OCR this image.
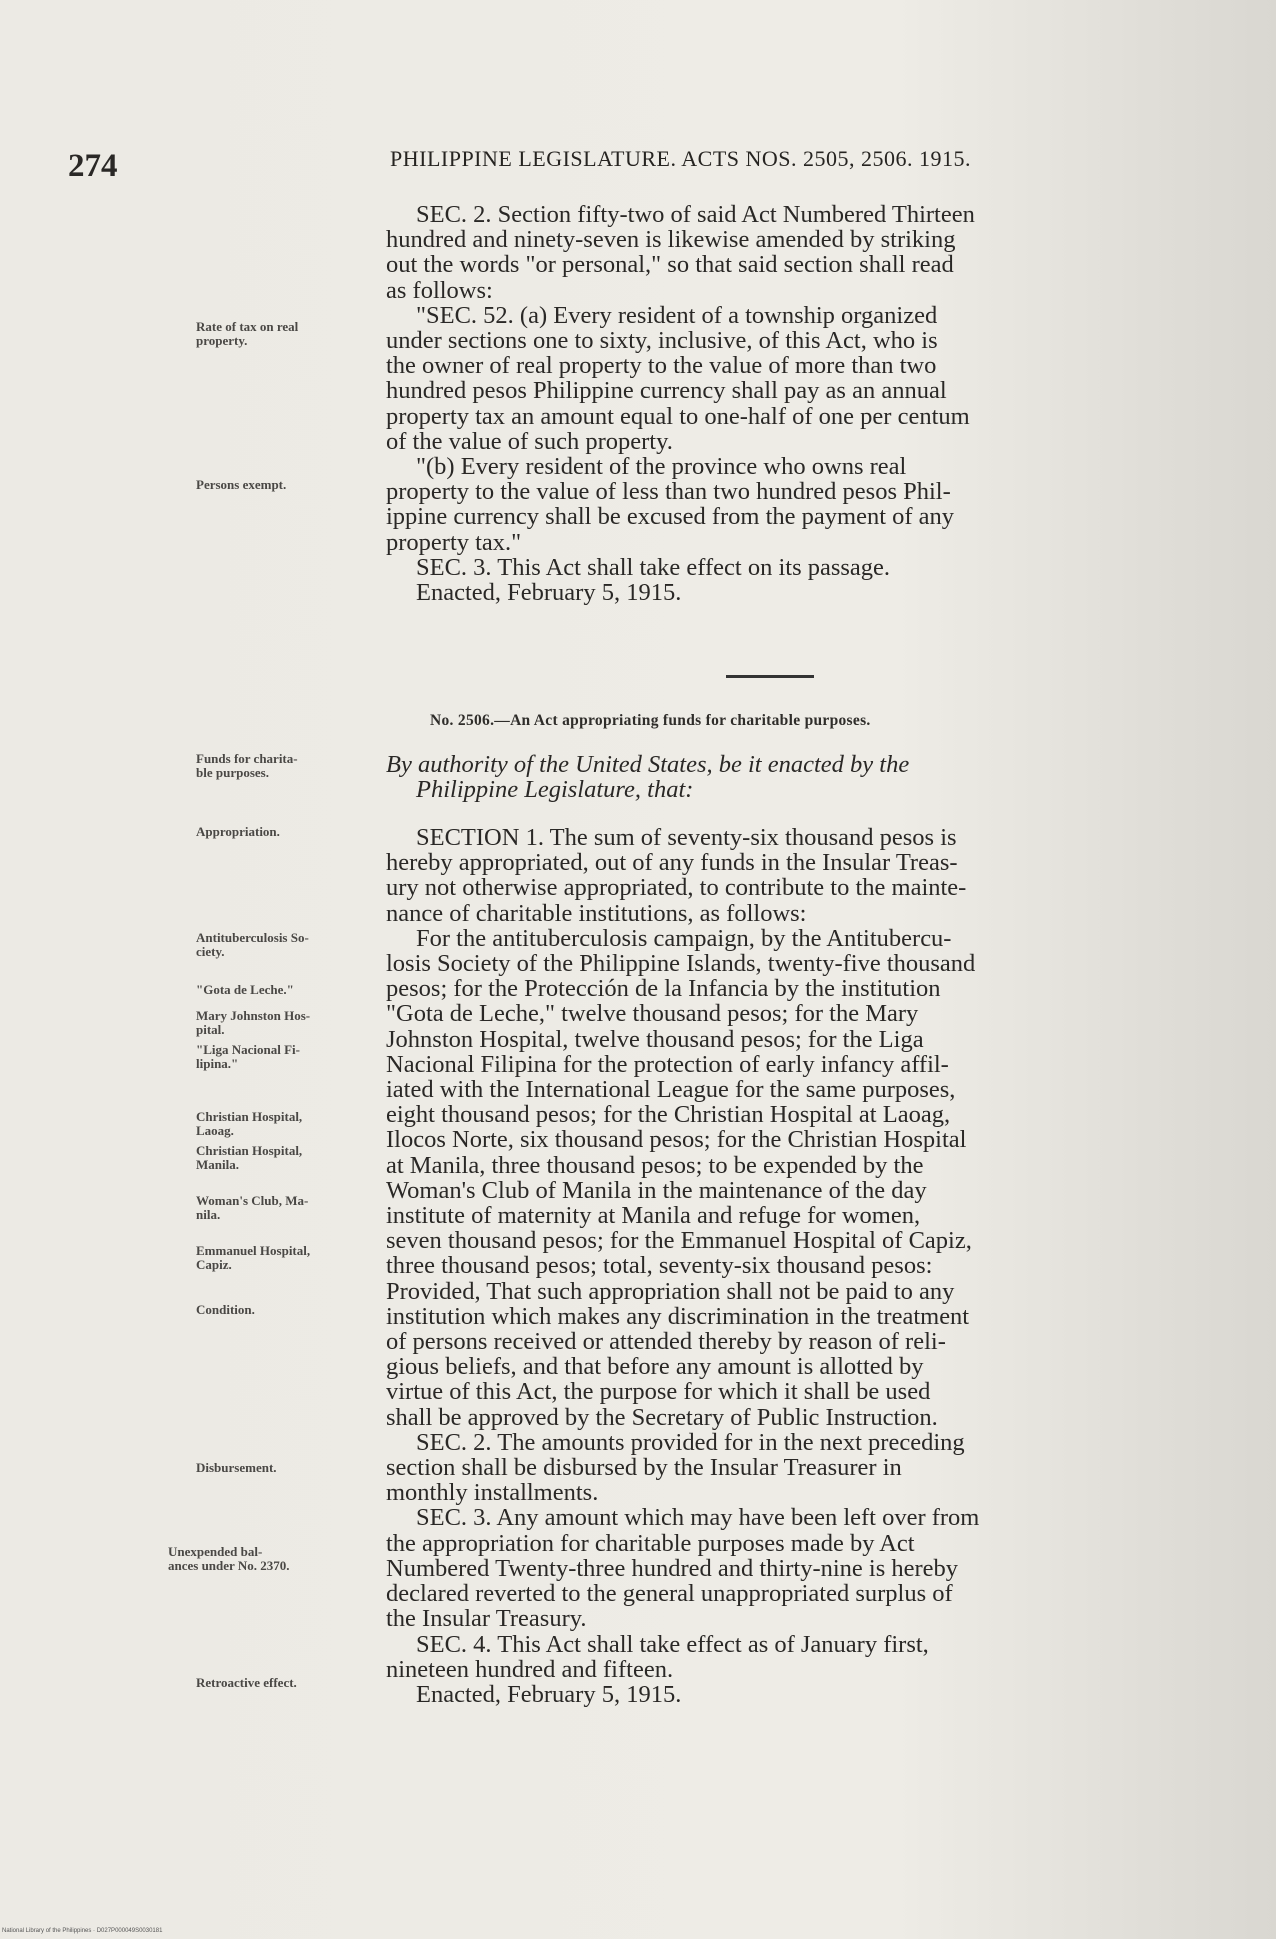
274	PHILIPPINE LEGISLATURE. ACTS NOS. 2505, 2506. 1915.
SEC. 2. Section fifty-two of said Act Numbered Thirteen
hundred and ninety-seven is likewise amended by striking
out the words "or personal," so that said section shall read
as follows:
"SEC. 52. (a) Every resident of a township organized
under sections one to sixty, inclusive, of this Act, who is
the owner of real property to the value of more than two
hundred pesos Philippine currency shall pay as an annual
property tax an amount equal to one-half of one per centum
of the value of such property.
"(b) Every resident of the province who owns real
property to the value of less than two hundred pesos Phil-
ippine currency shall be excused from the payment of any
property tax."
SEC. 3. This Act shall take effect on its passage.
Enacted, February 5, 1915.
No. 2506.—An Act appropriating funds for charitable purposes.
By authority of the United States, be it enacted by the
Philippine Legislature, that:
SECTION 1. The sum of seventy-six thousand pesos is
hereby appropriated, out of any funds in the Insular Treas-
ury not otherwise appropriated, to contribute to the mainte-
nance of charitable institutions, as follows:
For the antituberculosis campaign, by the Antitubercu-
losis Society of the Philippine Islands, twenty-five thousand
pesos; for the Protección de la Infancia by the institution
"Gota de Leche," twelve thousand pesos; for the Mary
Johnston Hospital, twelve thousand pesos; for the Liga
Nacional Filipina for the protection of early infancy affil-
iated with the International League for the same purposes,
eight thousand pesos; for the Christian Hospital at Laoag,
Ilocos Norte, six thousand pesos; for the Christian Hospital
at Manila, three thousand pesos; to be expended by the
Woman's Club of Manila in the maintenance of the day
institute of maternity at Manila and refuge for women,
seven thousand pesos; for the Emmanuel Hospital of Capiz,
three thousand pesos; total, seventy-six thousand pesos:
Provided, That such appropriation shall not be paid to any
institution which makes any discrimination in the treatment
of persons received or attended thereby by reason of reli-
gious beliefs, and that before any amount is allotted by
virtue of this Act, the purpose for which it shall be used
shall be approved by the Secretary of Public Instruction.
SEC. 2. The amounts provided for in the next preceding
section shall be disbursed by the Insular Treasurer in
monthly installments.
SEC. 3. Any amount which may have been left over from
the appropriation for charitable purposes made by Act
Numbered Twenty-three hundred and thirty-nine is hereby
declared reverted to the general unappropriated surplus of
the Insular Treasury.
SEC. 4. This Act shall take effect as of January first,
nineteen hundred and fifteen.
Enacted, February 5, 1915.
Rate of tax on real
property.
Persons exempt.
Funds for charita-
ble purposes.
Appropriation.
Antituberculosis So-
ciety.
"Gota de Leche."
Mary Johnston Hos-
pital.
"Liga Nacional Fi-
lipina."
Christian Hospital,
Laoag.
Christian Hospital,
Manila.
Woman's Club, Ma-
nila.
Emmanuel Hospital,
Capiz.
Condition.
Disbursement.
Unexpended bal-
ances under No. 2370.
Retroactive effect.
National Library of the Philippines · D027P000049S0030181
